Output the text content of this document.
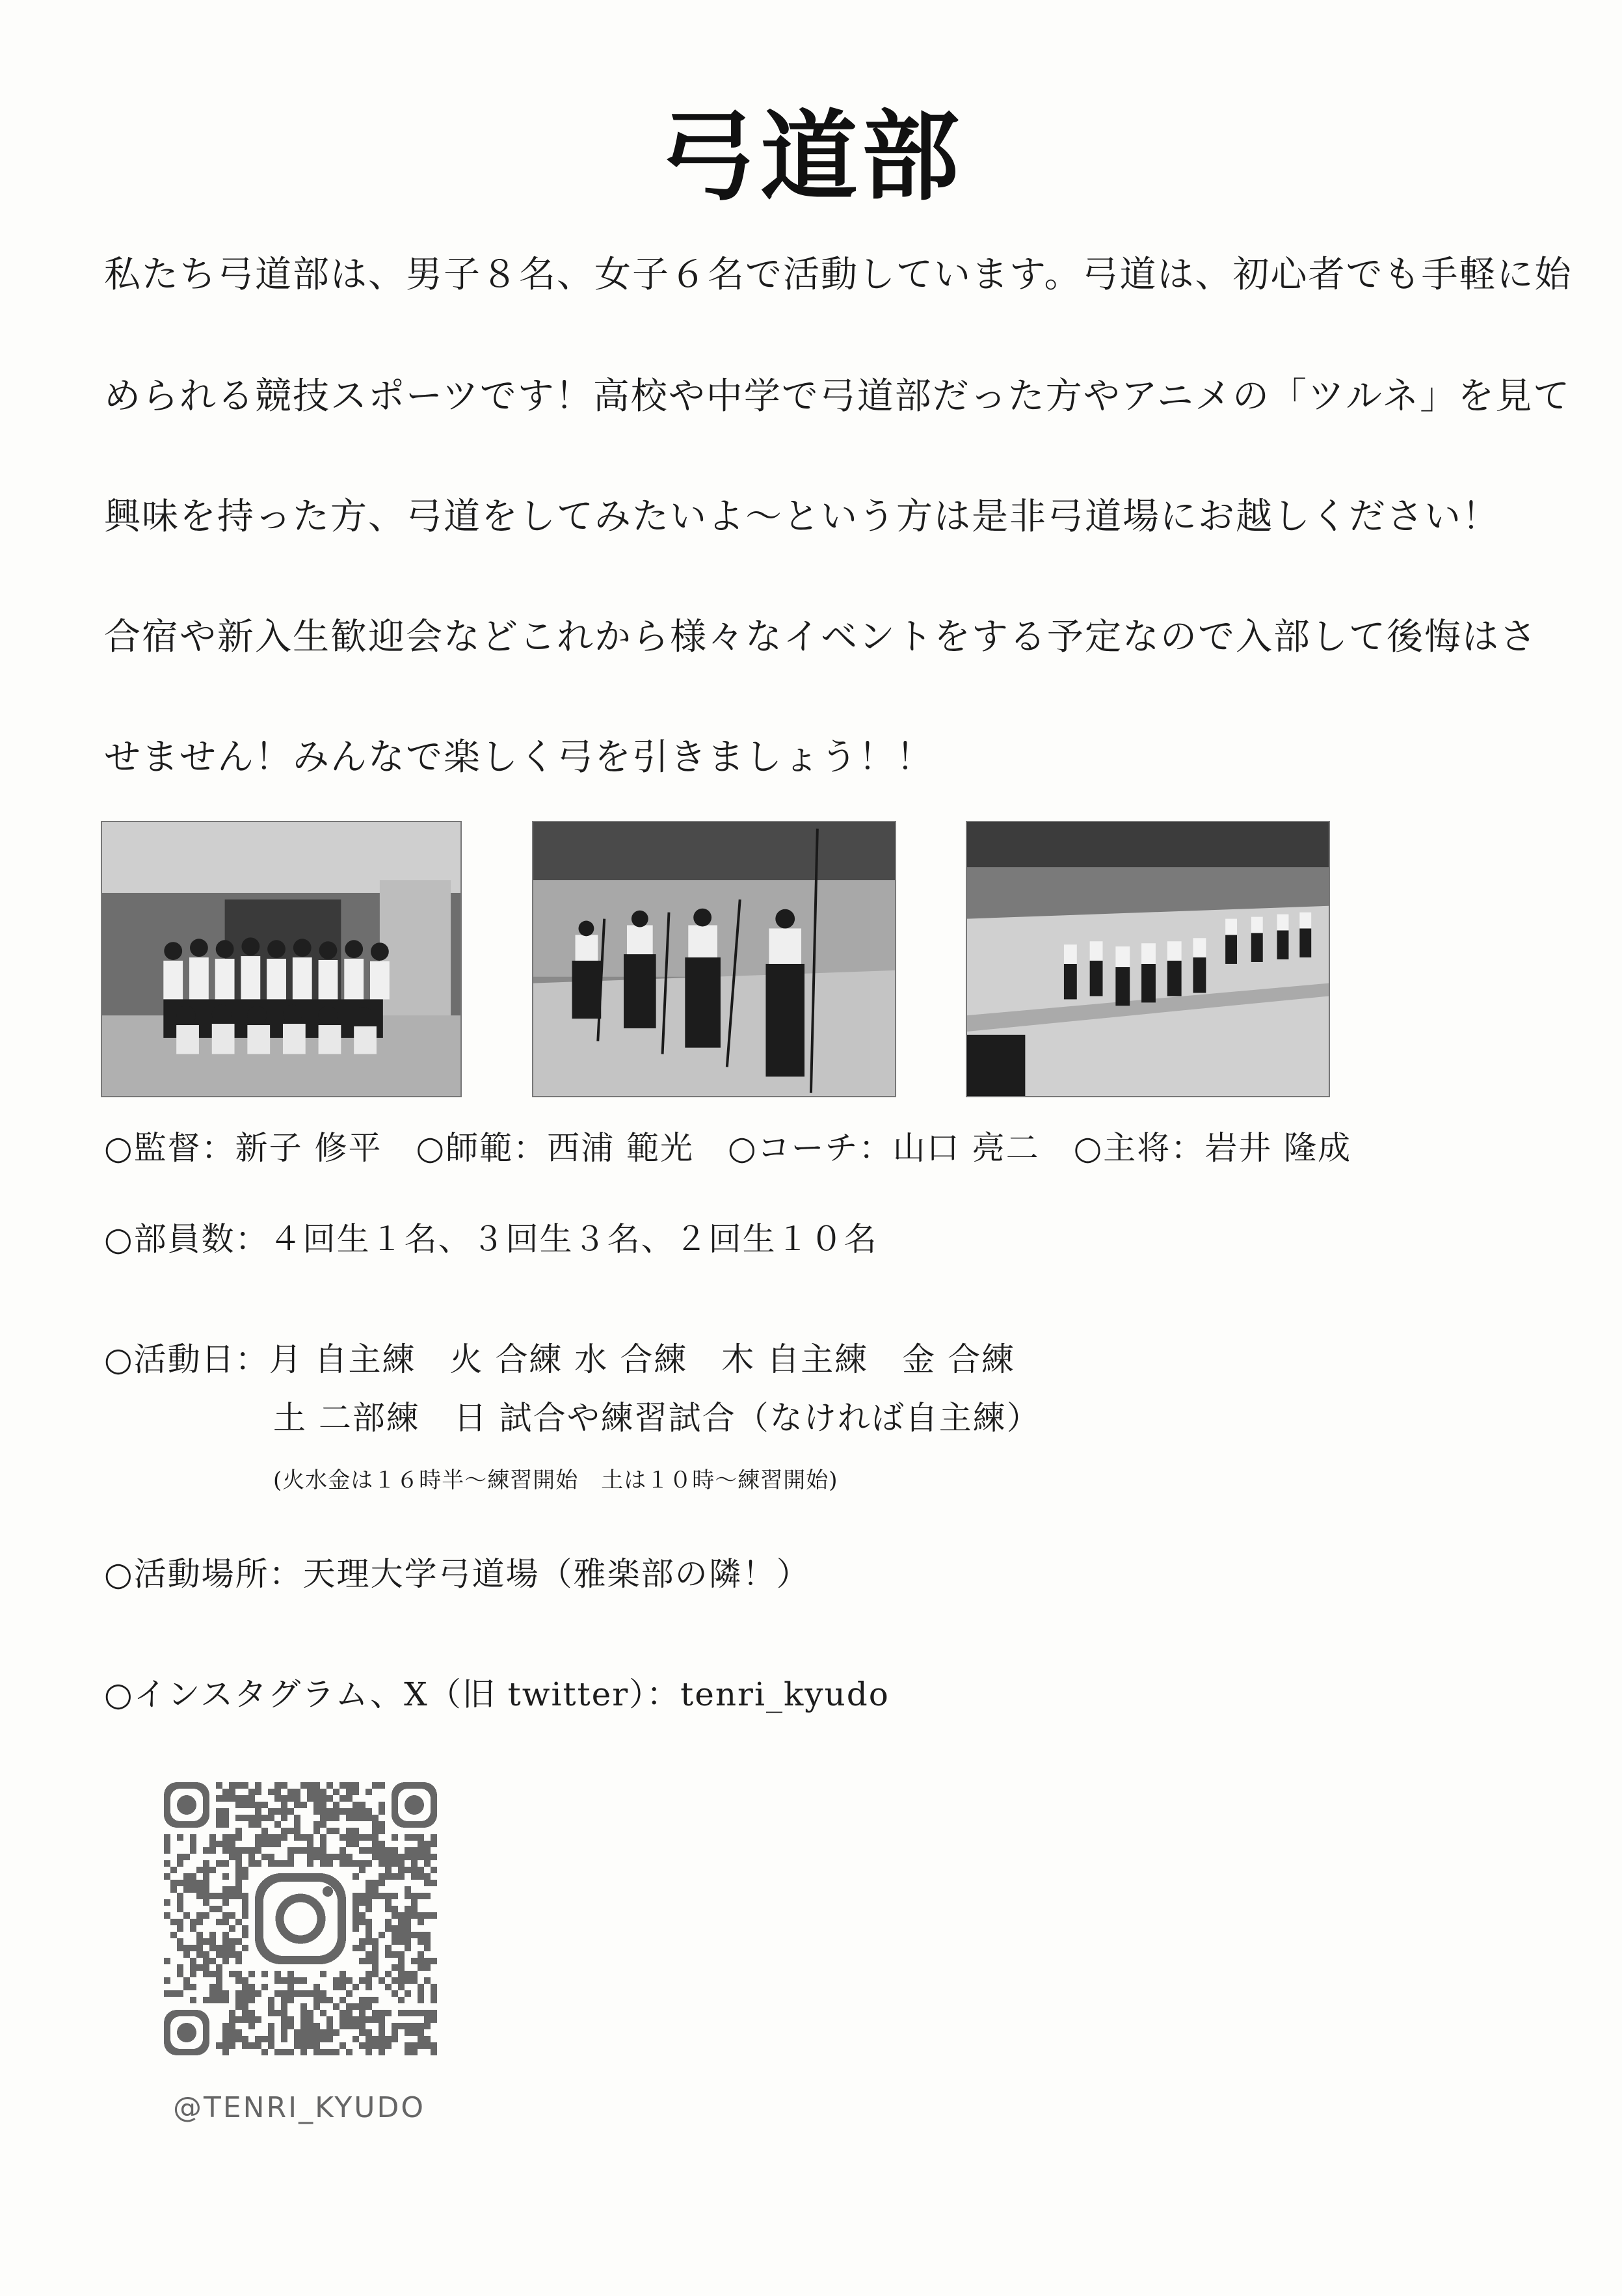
弓道部
私たち弓道部は、男子８名、女子６名で活動しています。弓道は、初心者でも手軽に始
められる競技スポーツです！高校や中学で弓道部だった方やアニメの「ツルネ」を見て
興味を持った方、弓道をしてみたいよ～という方は是非弓道場にお越しください！
合宿や新入生歓迎会などこれから様々なイベントをする予定なので入部して後悔はさ
せません！みんなで楽しく弓を引きましょう！！
○監督：新子 修平　○師範：西浦 範光　○コーチ：山口 亮二　○主将：岩井 隆成
○部員数：４回生１名、３回生３名、２回生１０名
○活動日：月 自主練　火 合練 水 合練　木 自主練　金 合練
土 二部練　日 試合や練習試合（なければ自主練）
(火水金は１６時半～練習開始　土は１０時～練習開始)
○活動場所：天理大学弓道場（雅楽部の隣！）
○インスタグラム、X（旧 twitter）：tenri_kyudo
@TENRI_KYUDO
